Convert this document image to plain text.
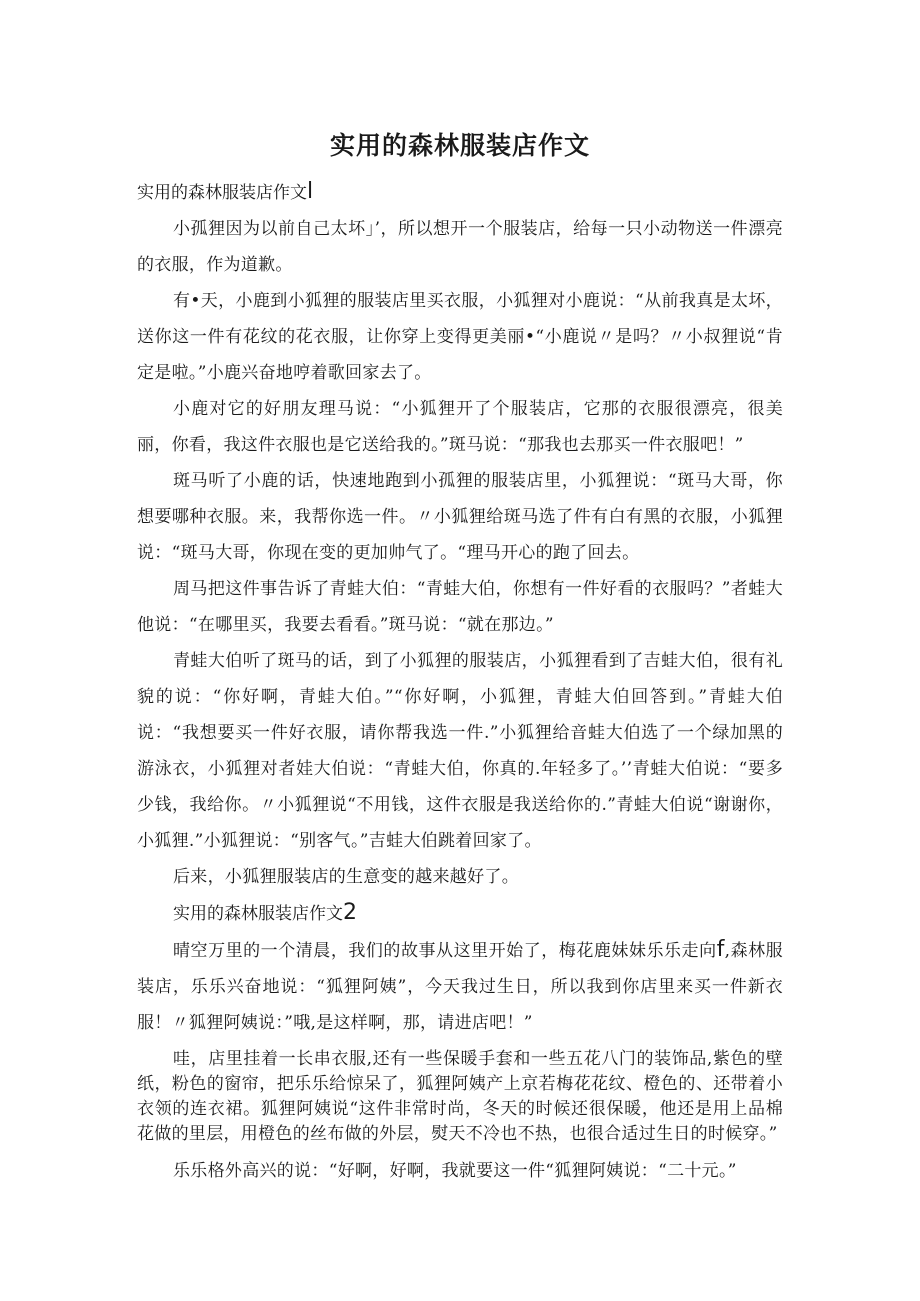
实用的森林服装店作文
实用的森林服装店作文l

小孤狸因为以前自己太坏」’，所以想开一个服装店，给每一只小动物送一件漂亮的衣服，作为道歉。

有•天，小鹿到小狐狸的服装店里买衣服，小狐狸对小鹿说：“从前我真是太坏，送你这一件有花纹的花衣服，让你穿上变得更美丽•“小鹿说〃是吗？〃小叔狸说“肯定是啦。”小鹿兴奋地哼着歌回家去了。

小鹿对它的好朋友理马说：“小狐狸开了个服装店，它那的衣服很漂亮，很美丽，你看，我这件衣服也是它送给我的。”斑马说：“那我也去那买一件衣服吧！”

斑马听了小鹿的话，快速地跑到小孤狸的服装店里，小狐狸说：“斑马大哥，你想要哪种衣服。来，我帮你选一件。〃小狐狸给斑马选了件有白有黑的衣服，小狐狸说：“斑马大哥，你现在变的更加帅气了。“理马开心的跑了回去。

周马把这件事告诉了青蛙大伯：“青蛙大伯，你想有一件好看的衣服吗？”者蛙大他说：“在哪里买，我要去看看。”斑马说：“就在那边。”

青蛙大伯听了斑马的话，到了小狐狸的服装店，小狐狸看到了吉蛙大伯，很有礼貌的说：“你好啊，青蛙大伯。”“你好啊，小狐狸，青蛙大伯回答到。”青蛙大伯说：“我想要买一件好衣服，请你帮我选一件.”小狐狸给音蛙大伯选了一个绿加黑的游泳衣，小狐狸对者娃大伯说：“青蛙大伯，你真的.年轻多了。’’青蛙大伯说：“要多少钱，我给你。〃小狐狸说“不用钱，这件衣服是我送给你的.”青蛙大伯说“谢谢你，小狐狸.”小狐狸说：“别客气。”吉蛙大伯跳着回家了。

后来，小狐狸服装店的生意变的越来越好了。

实用的森林服装店作文2

晴空万里的一个清晨，我们的故事从这里开始了，梅花鹿妹妹乐乐走向f,森林服装店，乐乐兴奋地说：“狐狸阿姨”，今天我过生日，所以我到你店里来买一件新衣服！〃狐狸阿姨说：”哦,是这样啊，那，请进店吧！”

哇，店里挂着一长串衣服,还有一些保暖手套和一些五花八门的装饰品,紫色的壁纸，粉色的窗帘，把乐乐给惊呆了，狐狸阿姨产上京若梅花花纹、橙色的、还带着小衣领的连衣裙。狐狸阿姨说“这件非常时尚，冬天的时候还很保暖，他还是用上品棉花做的里层，用橙色的丝布做的外层，熨天不冷也不热，也很合适过生日的时候穿。”

乐乐格外高兴的说：“好啊，好啊，我就要这一件“狐狸阿姨说：“二十元。”
